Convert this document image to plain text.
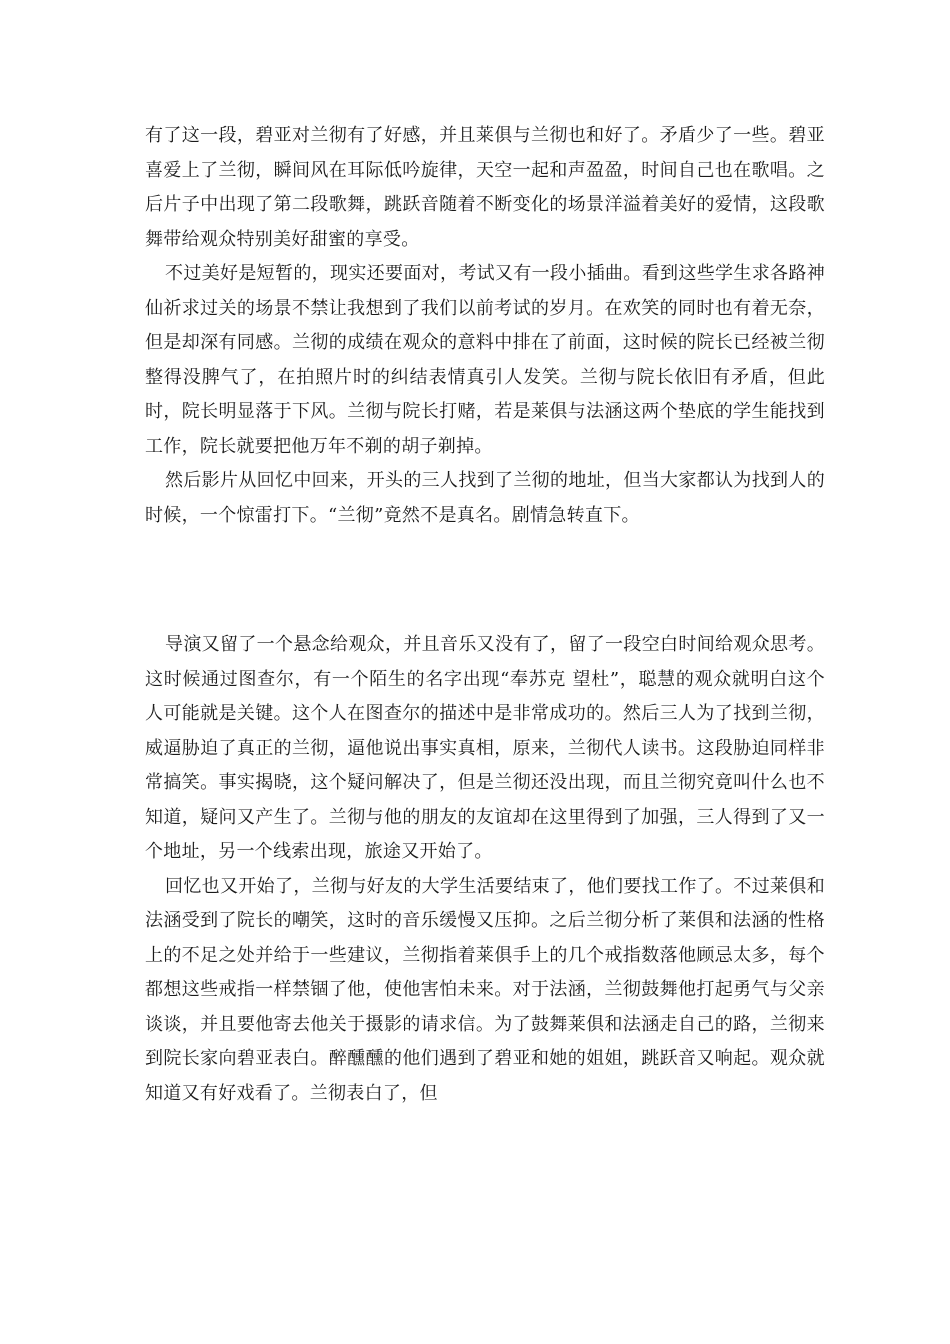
有了这一段，碧亚对兰彻有了好感，并且莱俱与兰彻也和好了。矛盾少了一些。碧亚喜爱上了兰彻，瞬间风在耳际低吟旋律，天空一起和声盈盈，时间自己也在歌唱。之后片子中出现了第二段歌舞，跳跃音随着不断变化的场景洋溢着美好的爱情，这段歌舞带给观众特别美好甜蜜的享受。

不过美好是短暂的，现实还要面对，考试又有一段小插曲。看到这些学生求各路神仙祈求过关的场景不禁让我想到了我们以前考试的岁月。在欢笑的同时也有着无奈，但是却深有同感。兰彻的成绩在观众的意料中排在了前面，这时候的院长已经被兰彻整得没脾气了，在拍照片时的纠结表情真引人发笑。兰彻与院长依旧有矛盾，但此时，院长明显落于下风。兰彻与院长打赌，若是莱俱与法涵这两个垫底的学生能找到工作，院长就要把他万年不剃的胡子剃掉。

然后影片从回忆中回来，开头的三人找到了兰彻的地址，但当大家都认为找到人的时候，一个惊雷打下。“兰彻”竟然不是真名。剧情急转直下。

导演又留了一个悬念给观众，并且音乐又没有了，留了一段空白时间给观众思考。这时候通过图查尔，有一个陌生的名字出现“奉苏克 望杜”，聪慧的观众就明白这个人可能就是关键。这个人在图查尔的描述中是非常成功的。然后三人为了找到兰彻，威逼胁迫了真正的兰彻，逼他说出事实真相，原来，兰彻代人读书。这段胁迫同样非常搞笑。事实揭晓，这个疑问解决了，但是兰彻还没出现，而且兰彻究竟叫什么也不知道，疑问又产生了。兰彻与他的朋友的友谊却在这里得到了加强，三人得到了又一个地址，另一个线索出现，旅途又开始了。

回忆也又开始了，兰彻与好友的大学生活要结束了，他们要找工作了。不过莱俱和法涵受到了院长的嘲笑，这时的音乐缓慢又压抑。之后兰彻分析了莱俱和法涵的性格上的不足之处并给于一些建议，兰彻指着莱俱手上的几个戒指数落他顾忌太多，每个都想这些戒指一样禁锢了他，使他害怕未来。对于法涵，兰彻鼓舞他打起勇气与父亲谈谈，并且要他寄去他关于摄影的请求信。为了鼓舞莱俱和法涵走自己的路，兰彻来到院长家向碧亚表白。醉醺醺的他们遇到了碧亚和她的姐姐，跳跃音又响起。观众就知道又有好戏看了。兰彻表白了，但
